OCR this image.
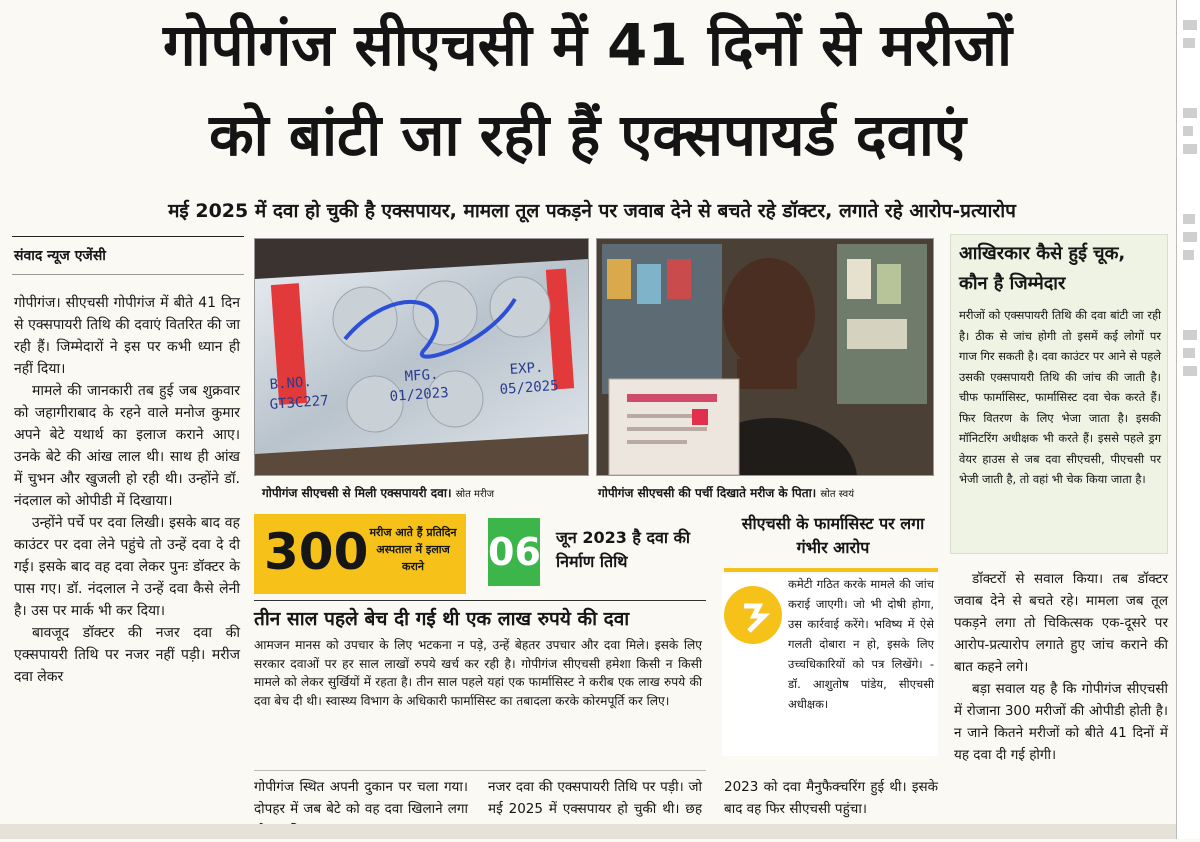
गोपीगंज सीएचसी में 41 दिनों से मरीजों
को बांटी जा रही हैं एक्सपायर्ड दवाएं
मई 2025 में दवा हो चुकी है एक्सपायर, मामला तूल पकड़ने पर जवाब देने से बचते रहे डॉक्टर, लगाते रहे आरोप-प्रत्यारोप
संवाद न्यूज एजेंसी

गोपीगंज। सीएचसी गोपीगंज में बीते 41 दिन से एक्सपायरी तिथि की दवाएं वितरित की जा रही हैं। जिम्मेदारों ने इस पर कभी ध्यान ही नहीं दिया।

मामले की जानकारी तब हुई जब शुक्रवार को जहागीराबाद के रहने वाले मनोज कुमार अपने बेटे यथार्थ का इलाज कराने आए। उनके बेटे की आंख लाल थी। साथ ही आंख में चुभन और खुजली हो रही थी। उन्होंने डॉ. नंदलाल को ओपीडी में दिखाया।

उन्होंने पर्चे पर दवा लिखी। इसके बाद वह काउंटर पर दवा लेने पहुंचे तो उन्हें दवा दे दी गई। इसके बाद वह दवा लेकर पुनः डॉक्टर के पास गए। डॉ. नंदलाल ने उन्हें दवा कैसे लेनी है। उस पर मार्क भी कर दिया।

बावजूद डॉक्टर की नजर दवा की एक्सपायरी तिथि पर नजर नहीं पड़ी। मरीज दवा लेकर

B.NO.	MFG.	EXP.
GT3C227	01/2023	05/2025
गोपीगंज सीएचसी से मिली एक्सपायरी दवा। स्रोत मरीज	गोपीगंज सीएचसी की पर्ची दिखाते मरीज के पिता। स्रोत स्वयं
300 मरीज आते हैं प्रतिदिन अस्पताल में इलाज कराने	06 जून 2023 है दवा की निर्माण तिथि
तीन साल पहले बेच दी गई थी एक लाख रुपये की दवा
आमजन मानस को उपचार के लिए भटकना न पड़े, उन्हें बेहतर उपचार और दवा मिले। इसके लिए सरकार दवाओं पर हर साल लाखों रुपये खर्च कर रही है। गोपीगंज सीएचसी हमेशा किसी न किसी मामले को लेकर सुर्खियों में रहता है। तीन साल पहले यहां एक फार्मासिस्ट ने करीब एक लाख रुपये की दवा बेच दी थी। स्वास्थ्य विभाग के अधिकारी फार्मासिस्ट का तबादला करके कोरमपूर्ति कर लिए।
गोपीगंज स्थित अपनी दुकान पर चला गया। दोपहर में जब बेटे को वह दवा खिलाने लगा
नजर दवा की एक्सपायरी तिथि पर पड़ी। जो मई 2025 में एक्सपायर हो चुकी थी। छह
सीएचसी के फार्मासिस्ट पर लगा गंभीर आरोप
कमेटी गठित करके मामले की जांच कराई जाएगी। जो भी दोषी होगा, उस कार्रवाई करेंगे। भविष्य में ऐसे गलती दोबारा न हो, इसके लिए उच्चधिकारियों को पत्र लिखेंगे। - डॉ. आशुतोष पांडेय, सीएचसी अधीक्षक।
2023 को दवा मैनुफैक्चरिंग हुई थी। इसके बाद वह फिर सीएचसी पहुंचा।
आखिरकार कैसे हुई चूक, कौन है जिम्मेदार
मरीजों को एक्सपायरी तिथि की दवा बांटी जा रही है। ठीक से जांच होगी तो इसमें कई लोगों पर गाज गिर सकती है। दवा काउंटर पर आने से पहले उसकी एक्सपायरी तिथि की जांच की जाती है। चीफ फार्मासिस्ट, फार्मासिस्ट दवा चेक करते हैं। फिर वितरण के लिए भेजा जाता है। इसकी मॉनिटरिंग अधीक्षक भी करते हैं। इससे पहले ड्रग वेयर हाउस से जब दवा सीएचसी, पीएचसी पर भेजी जाती है, तो वहां भी चेक किया जाता है।

डॉक्टरों से सवाल किया। तब डॉक्टर जवाब देने से बचते रहे। मामला जब तूल पकड़ने लगा तो चिकित्सक एक-दूसरे पर आरोप-प्रत्यारोप लगाते हुए जांच कराने की बात कहने लगे।

बड़ा सवाल यह है कि गोपीगंज सीएचसी में रोजाना 300 मरीजों की ओपीडी होती है। न जाने कितने मरीजों को बीते 41 दिनों में यह दवा दी गई होगी।
